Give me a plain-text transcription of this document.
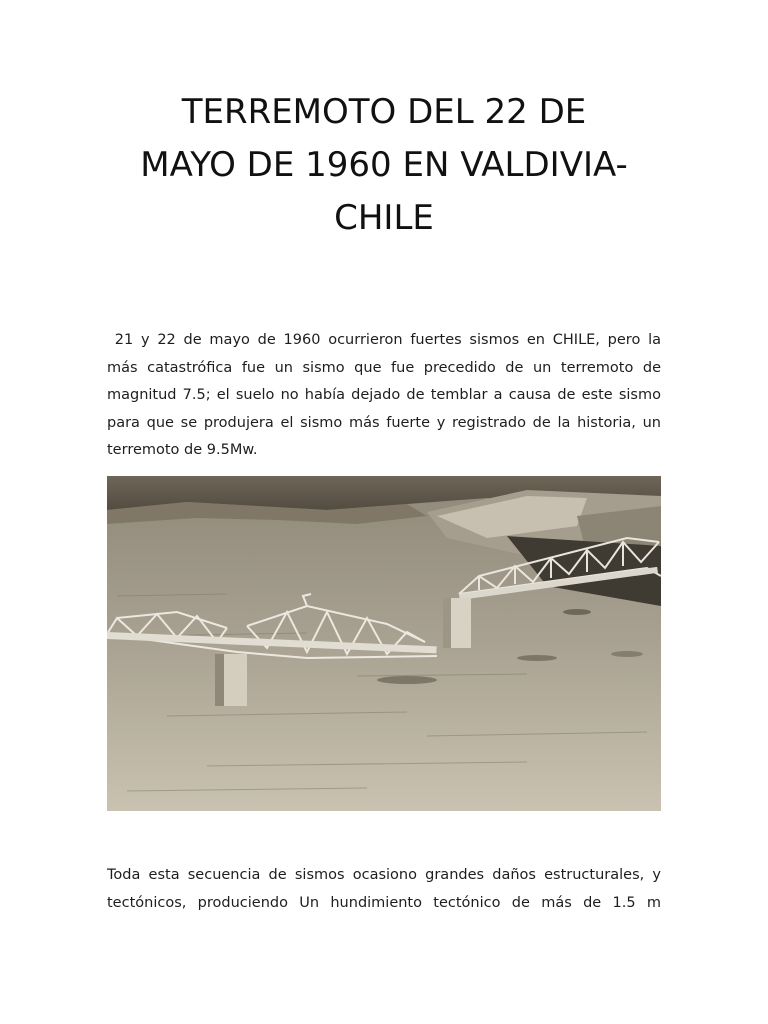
TERREMOTO DEL 22 DE
MAYO DE 1960 EN VALDIVIA-
CHILE
21 y 22 de mayo de 1960 ocurrieron fuertes sismos en CHILE, pero la
más catastrófica fue un sismo que fue precedido de un terremoto de
magnitud 7.5; el suelo no había dejado de temblar a causa de este sismo
para que se produjera el sismo más fuerte y registrado de la historia, un
terremoto de 9.5Mw.
Toda esta secuencia de sismos ocasiono grandes daños estructurales, y
tectónicos, produciendo Un hundimiento tectónico de más de 1.5 m
